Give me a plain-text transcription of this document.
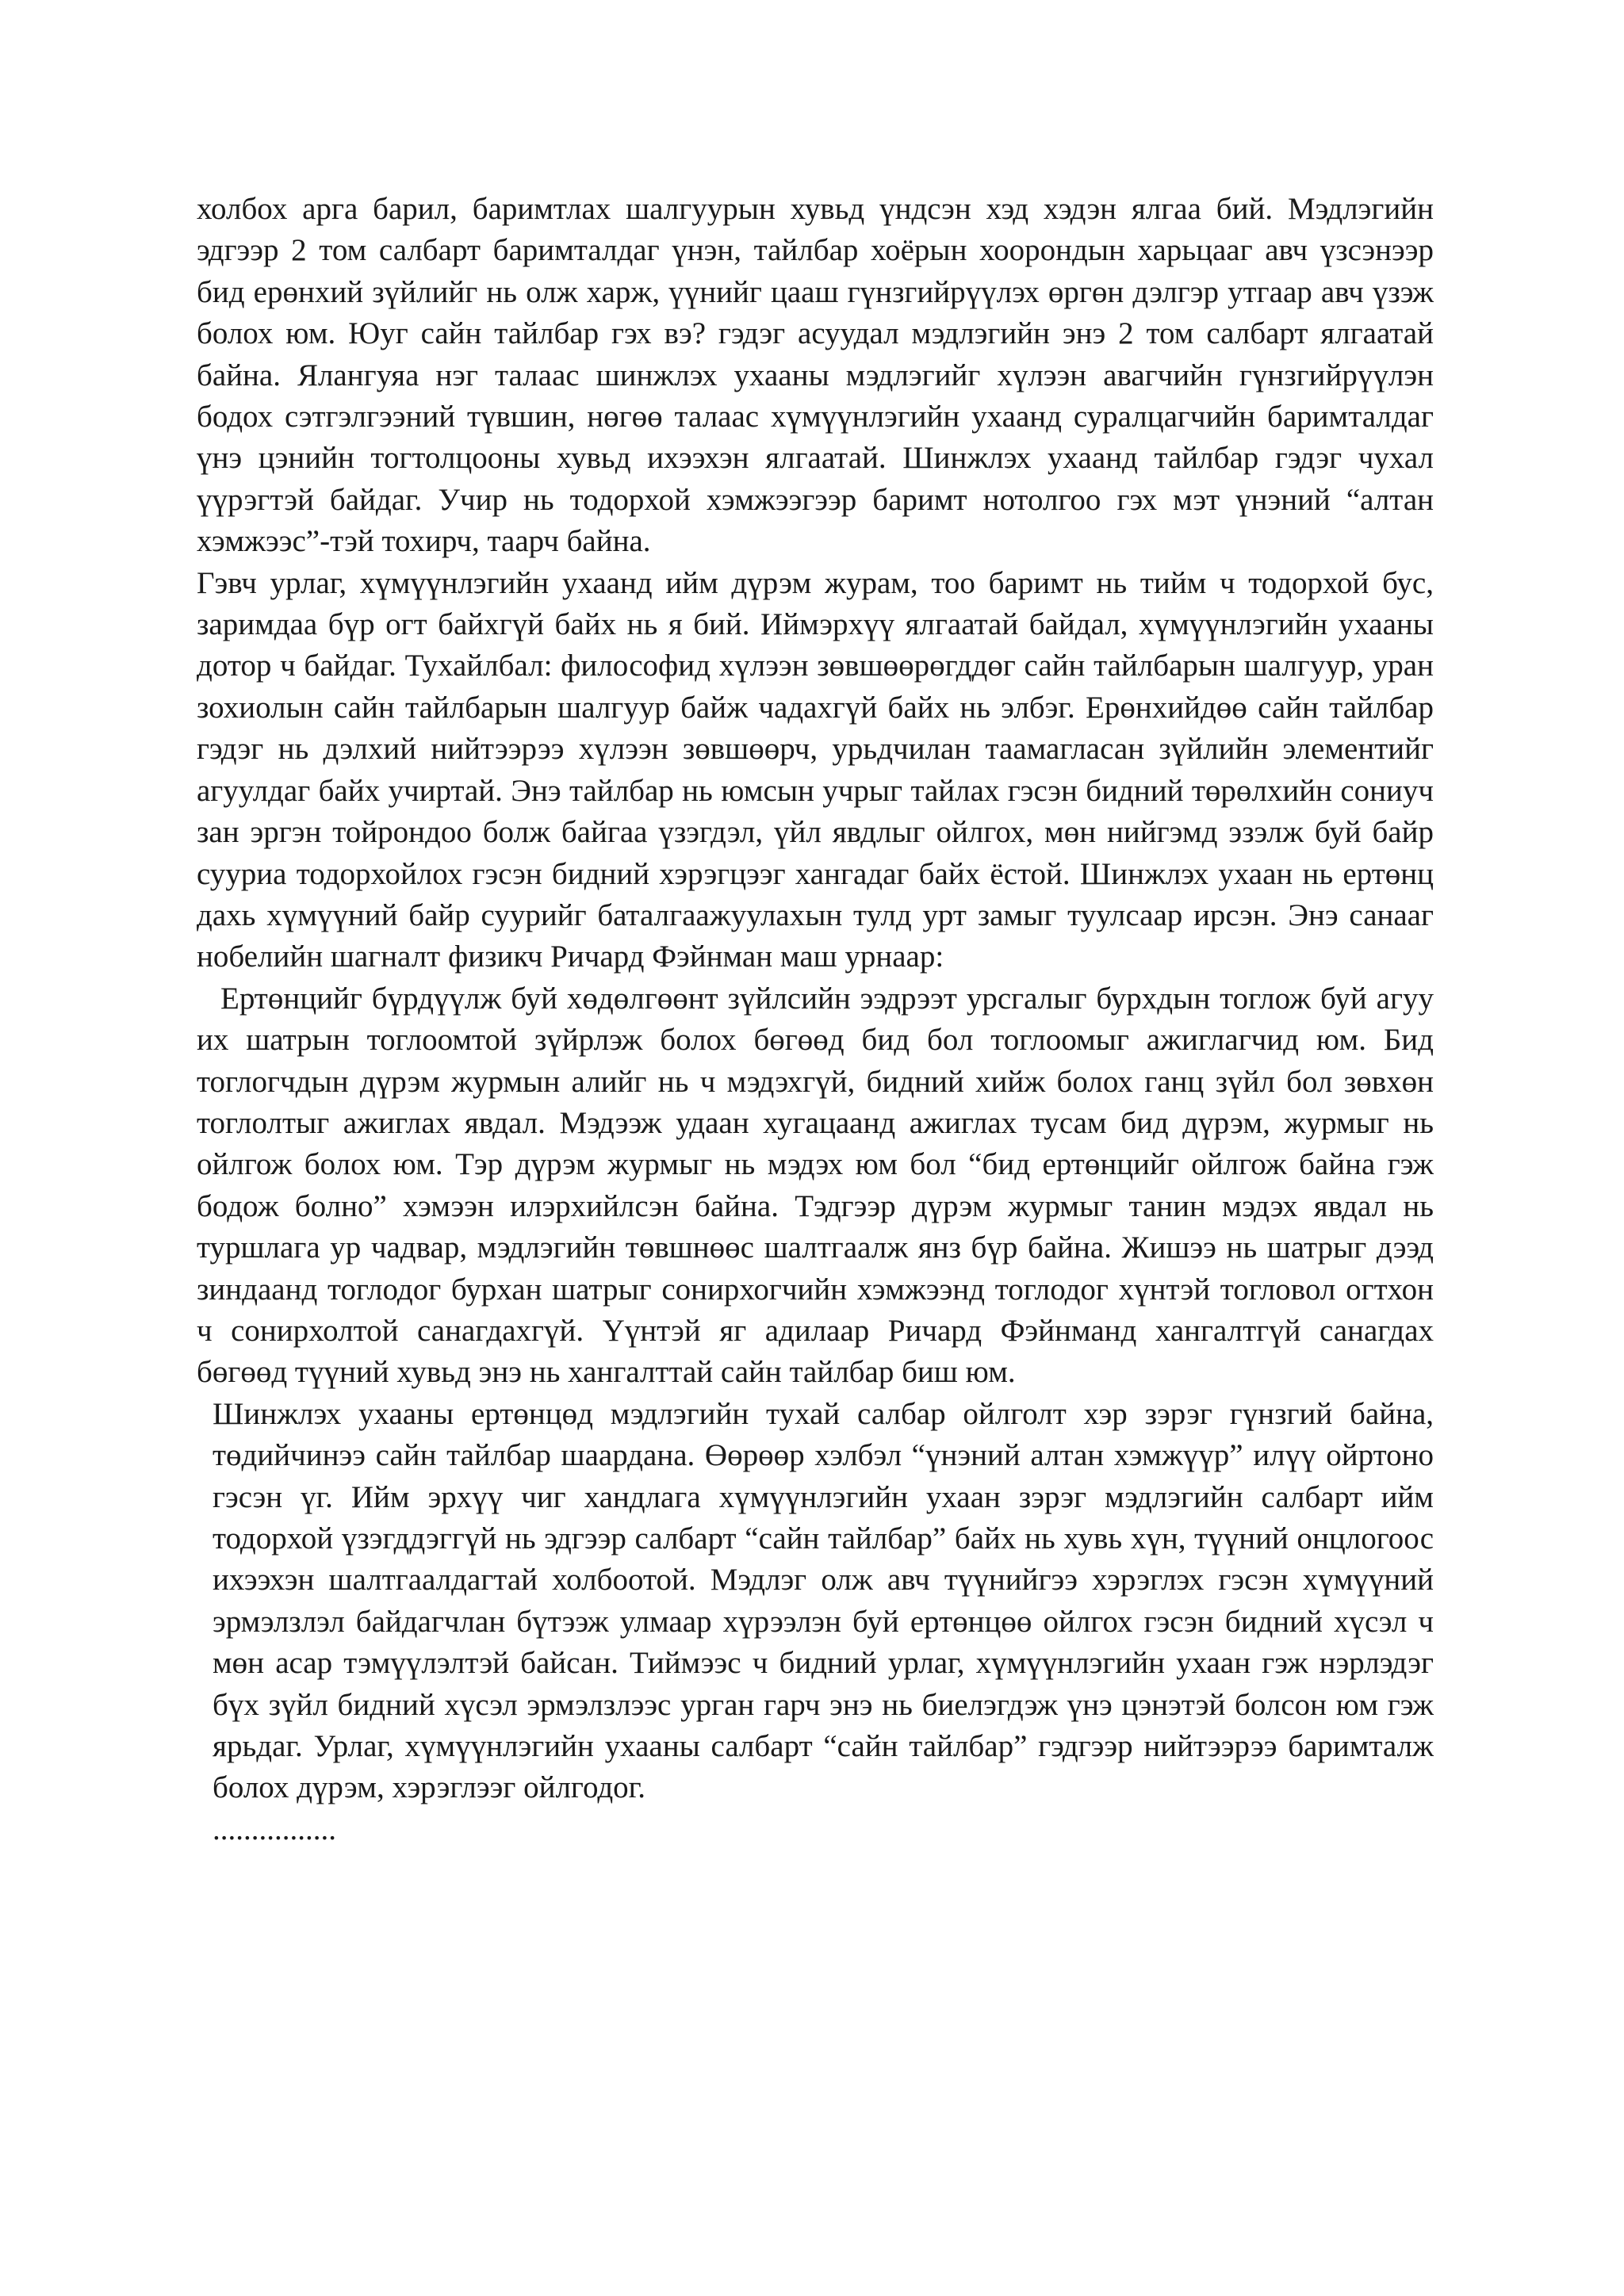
холбох арга барил, баримтлах шалгуурын хувьд үндсэн хэд хэдэн ялгаа бий. Мэдлэгийн эдгээр 2 том салбарт баримталдаг үнэн, тайлбар хоёрын хоорондын харьцааг авч үзсэнээр бид ерөнхий зүйлийг нь олж харж, үүнийг цааш гүнзгийрүүлэх өргөн дэлгэр утгаар авч үзэж болох юм. Юуг сайн тайлбар гэх вэ? гэдэг асуудал мэдлэгийн энэ 2 том салбарт ялгаатай байна. Ялангуяа нэг талаас шинжлэх ухааны мэдлэгийг хүлээн авагчийн гүнзгийрүүлэн бодох сэтгэлгээний түвшин, нөгөө талаас хүмүүнлэгийн ухаанд суралцагчийн баримталдаг үнэ цэнийн тогтолцооны хувьд ихээхэн ялгаатай. Шинжлэх ухаанд тайлбар гэдэг чухал үүрэгтэй байдаг. Учир нь тодорхой хэмжээгээр баримт нотолгоо гэх мэт үнэний “алтан хэмжээс”-тэй тохирч, таарч байна.

Гэвч урлаг, хүмүүнлэгийн ухаанд ийм дүрэм журам, тоо баримт нь тийм ч тодорхой бус, заримдаа бүр огт байхгүй байх нь я бий. Иймэрхүү ялгаатай байдал, хүмүүнлэгийн ухааны дотор ч байдаг. Тухайлбал: философид хүлээн зөвшөөрөгддөг сайн тайлбарын шалгуур, уран зохиолын сайн тайлбарын шалгуур байж чадахгүй байх нь элбэг. Ерөнхийдөө сайн тайлбар гэдэг нь дэлхий нийтээрээ хүлээн зөвшөөрч, урьдчилан таамагласан зүйлийн элементийг агуулдаг байх учиртай. Энэ тайлбар нь юмсын учрыг тайлах гэсэн бидний төрөлхийн сониуч зан эргэн тойрондоо болж байгаа үзэгдэл, үйл явдлыг ойлгох, мөн нийгэмд эзэлж буй байр сууриа тодорхойлох гэсэн бидний хэрэгцээг хангадаг байх ёстой. Шинжлэх ухаан нь ертөнц дахь хүмүүний байр суурийг баталгаажуулахын тулд урт замыг туулсаар ирсэн. Энэ санааг нобелийн шагналт физикч Ричард Фэйнман маш урнаар:

Ертөнцийг бүрдүүлж буй хөдөлгөөнт зүйлсийн ээдрээт урсгалыг бурхдын тоглож буй агуу их шатрын тоглоомтой зүйрлэж болох бөгөөд бид бол тоглоомыг ажиглагчид юм. Бид тоглогчдын дүрэм журмын алийг нь ч мэдэхгүй, бидний хийж болох ганц зүйл бол зөвхөн тоглолтыг ажиглах явдал. Мэдээж удаан хугацаанд ажиглах тусам бид дүрэм, журмыг нь ойлгож болох юм. Тэр дүрэм журмыг нь мэдэх юм бол “бид ертөнцийг ойлгож байна гэж бодож болно” хэмээн илэрхийлсэн байна. Тэдгээр дүрэм журмыг танин мэдэх явдал нь туршлага ур чадвар, мэдлэгийн төвшнөөс шалтгаалж янз бүр байна. Жишээ нь шатрыг дээд зиндаанд тоглодог бурхан шатрыг сонирхогчийн хэмжээнд тоглодог хүнтэй тогловол огтхон ч сонирхолтой санагдахгүй. Үүнтэй яг адилаар Ричард Фэйнманд хангалтгүй санагдах бөгөөд түүний хувьд энэ нь хангалттай сайн тайлбар биш юм.

Шинжлэх ухааны ертөнцөд мэдлэгийн тухай салбар ойлголт хэр зэрэг гүнзгий байна, төдийчинээ сайн тайлбар шаардана. Өөрөөр хэлбэл “үнэний алтан хэмжүүр” илүү ойртоно гэсэн үг. Ийм эрхүү чиг хандлага хүмүүнлэгийн ухаан зэрэг мэдлэгийн салбарт ийм тодорхой үзэгддэггүй нь эдгээр салбарт “сайн тайлбар” байх нь хувь хүн, түүний онцлогоос ихээхэн шалтгаалдагтай холбоотой. Мэдлэг олж авч түүнийгээ хэрэглэх гэсэн хүмүүний эрмэлзлэл байдагчлан бүтээж улмаар хүрээлэн буй ертөнцөө ойлгох гэсэн бидний хүсэл ч мөн асар тэмүүлэлтэй байсан. Тиймээс ч бидний урлаг, хүмүүнлэгийн ухаан гэж нэрлэдэг бүх зүйл бидний хүсэл эрмэлзлээс урган гарч энэ нь биелэгдэж үнэ цэнэтэй болсон юм гэж ярьдаг. Урлаг, хүмүүнлэгийн ухааны салбарт “сайн тайлбар” гэдгээр нийтээрээ баримталж болох дүрэм, хэрэглээг ойлгодог.
................
